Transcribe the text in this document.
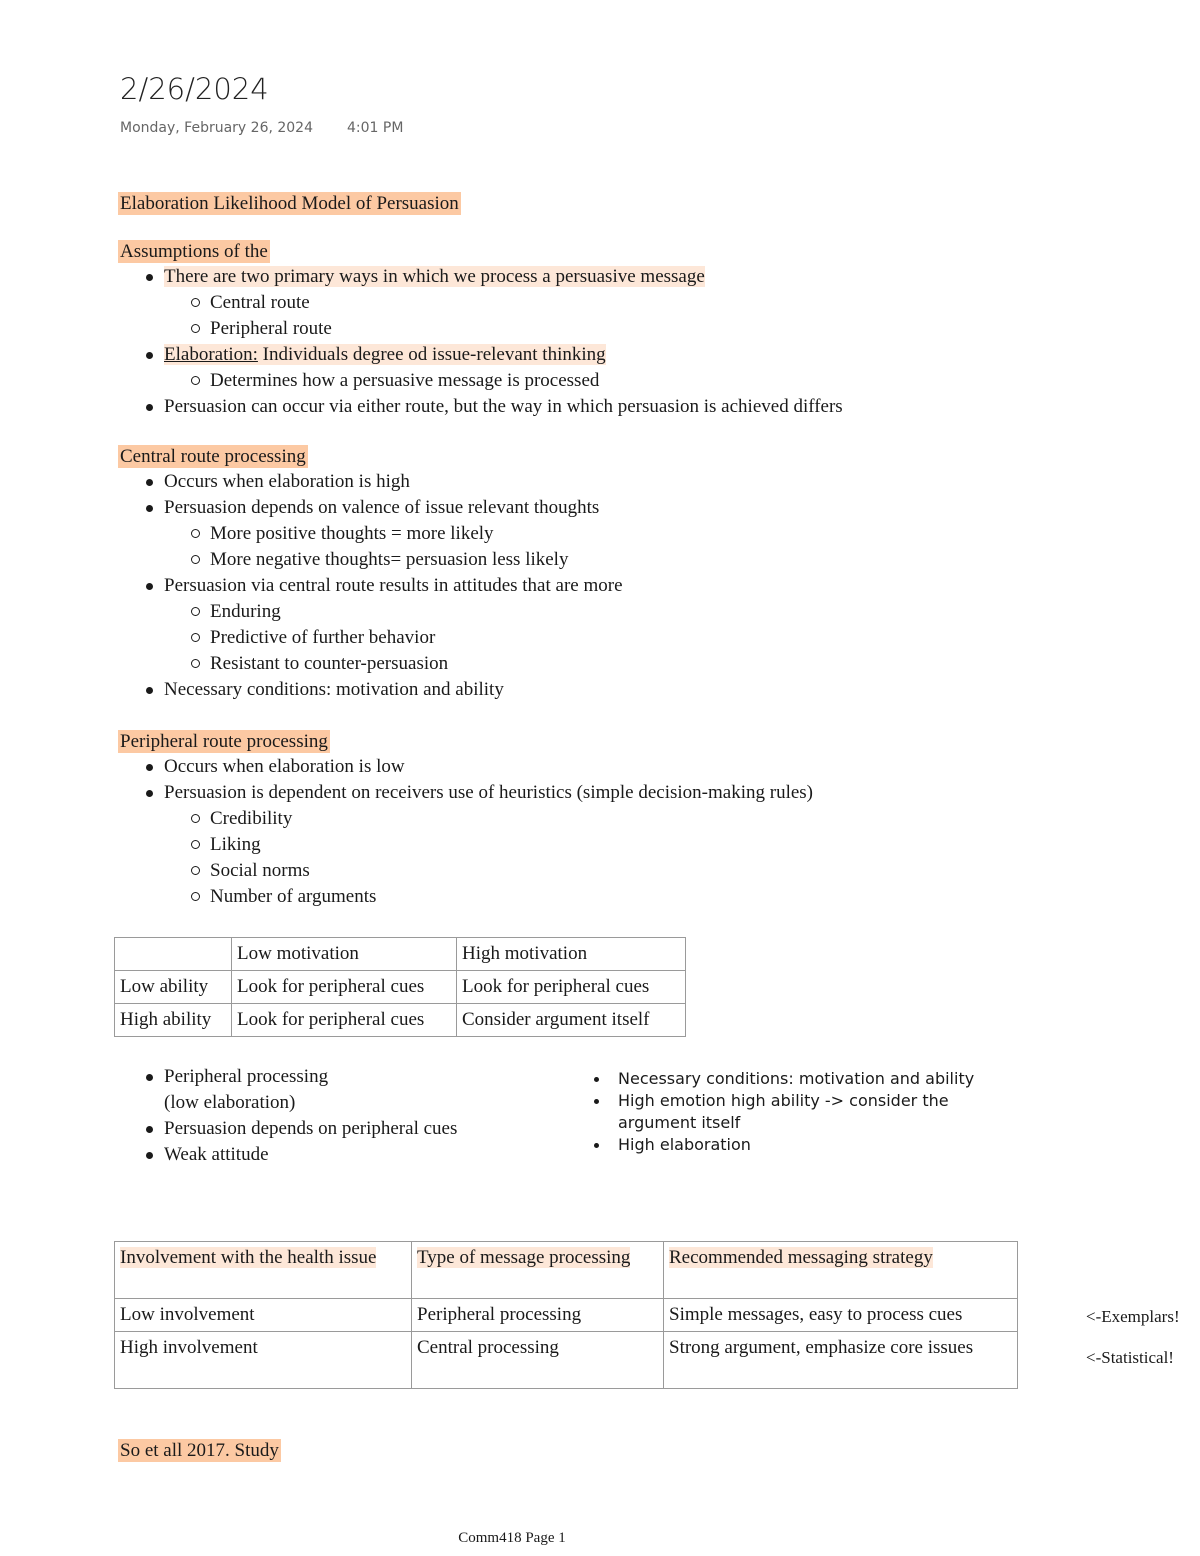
2/26/2024
Monday, February 26, 2024 4:01 PM
Elaboration Likelihood Model of Persuasion
Assumptions of the
There are two primary ways in which we process a persuasive message
Central route
Peripheral route
Elaboration: Individuals degree od issue-relevant thinking
Determines how a persuasive message is processed
Persuasion can occur via either route, but the way in which persuasion is achieved differs
Central route processing
Occurs when elaboration is high
Persuasion depends on valence of issue relevant thoughts
More positive thoughts = more likely
More negative thoughts= persuasion less likely
Persuasion via central route results in attitudes that are more
Enduring
Predictive of further behavior
Resistant to counter-persuasion
Necessary conditions: motivation and ability
Peripheral route processing
Occurs when elaboration is low
Persuasion is dependent on receivers use of heuristics (simple decision-making rules)
Credibility
Liking
Social norms
Number of arguments
	Low motivation	High motivation
Low ability	Look for peripheral cues	Look for peripheral cues
High ability	Look for peripheral cues	Consider argument itself
Peripheral processing
(low elaboration)
Persuasion depends on peripheral cues
Weak attitude
Necessary conditions: motivation and ability
High emotion high ability -> consider the argument itself
High elaboration
Involvement with the health issue	Type of message processing	Recommended messaging strategy
Low involvement	Peripheral processing	Simple messages, easy to process cues
High involvement	Central processing	Strong argument, emphasize core issues
<-Exemplars!
<-Statistical!
So et all 2017. Study
Comm418 Page 1
